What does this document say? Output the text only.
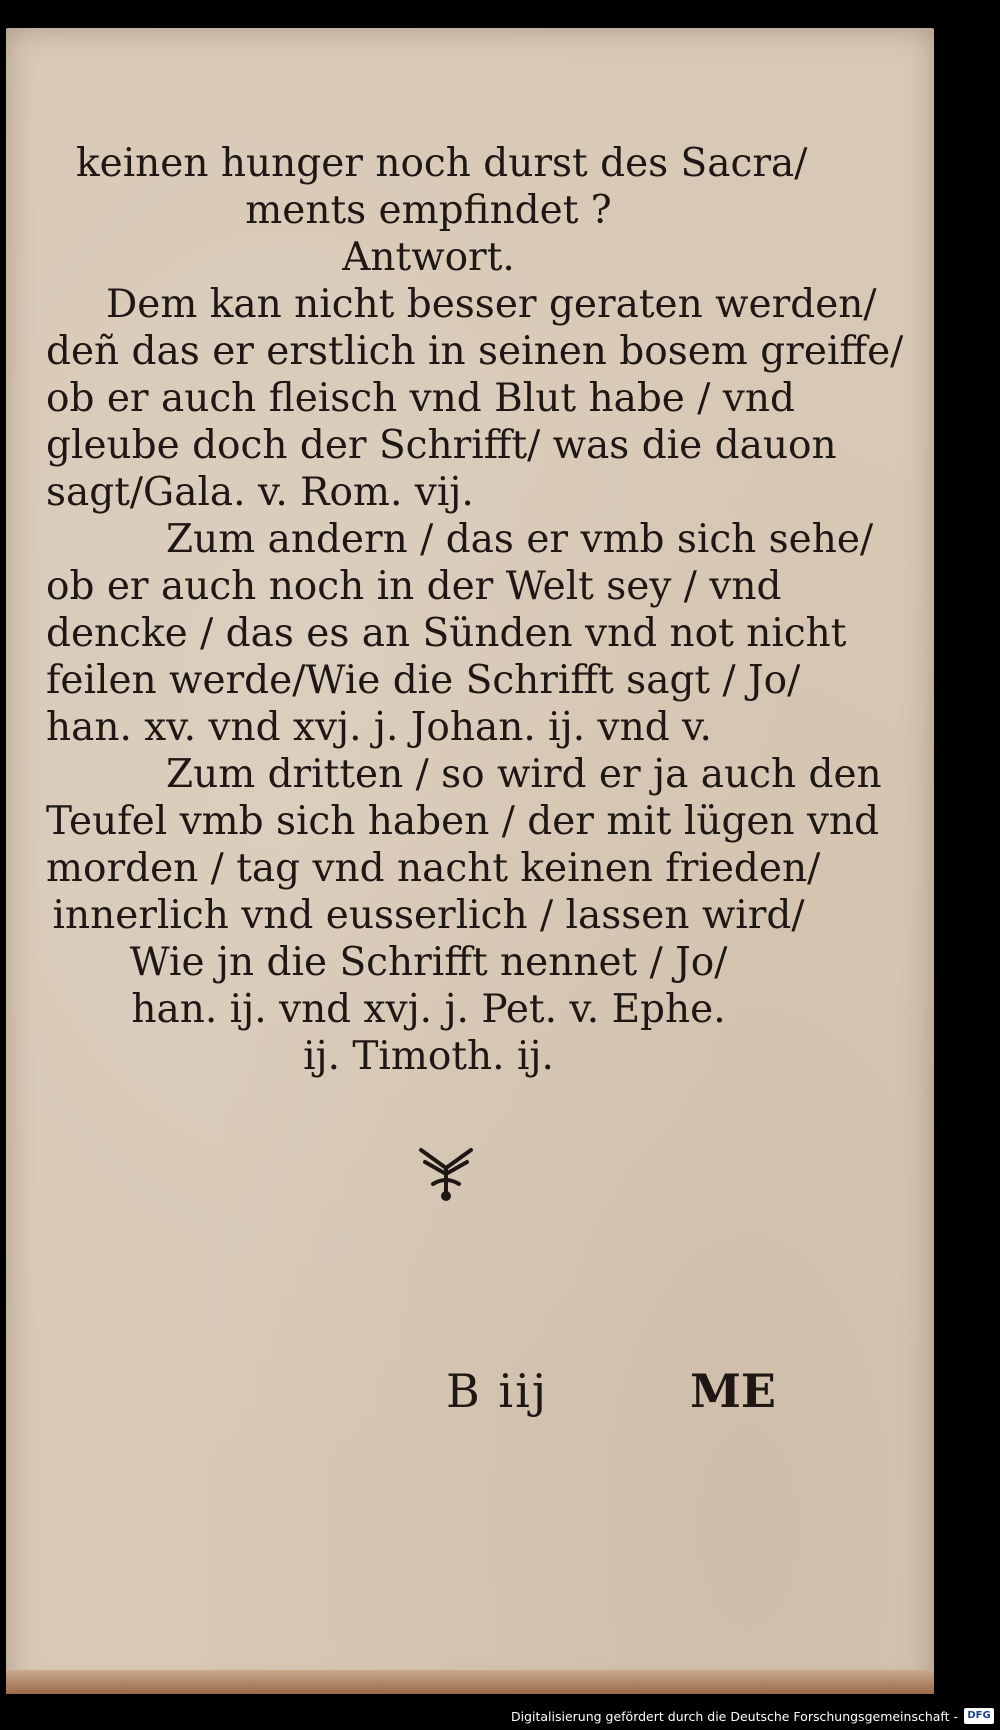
keinen hunger noch durst des Sacra/
ments empfindet ?
Antwort.
Dem kan nicht besser geraten werden/
deñ das er erstlich in seinen bosem greiffe/
ob er auch fleisch vnd Blut habe / vnd
gleube doch der Schrifft/ was die dauon
sagt/Gala. v. Rom. vij.
Zum andern / das er vmb sich sehe/
ob er auch noch in der Welt sey / vnd
dencke / das es an Sünden vnd not nicht
feilen werde/Wie die Schrifft sagt / Jo/
han. xv. vnd xvj. j. Johan. ij. vnd v.
Zum dritten / so wird er ja auch den
Teufel vmb sich haben / der mit lügen vnd
morden / tag vnd nacht keinen frieden/
innerlich vnd eusserlich / lassen wird/
Wie jn die Schrifft nennet / Jo/
han. ij. vnd xvj. j. Pet. v. Ephe.
ij. Timoth. ij.
B iij	ME
Digitalisierung gefördert durch die Deutsche Forschungsgemeinschaft - DFG
